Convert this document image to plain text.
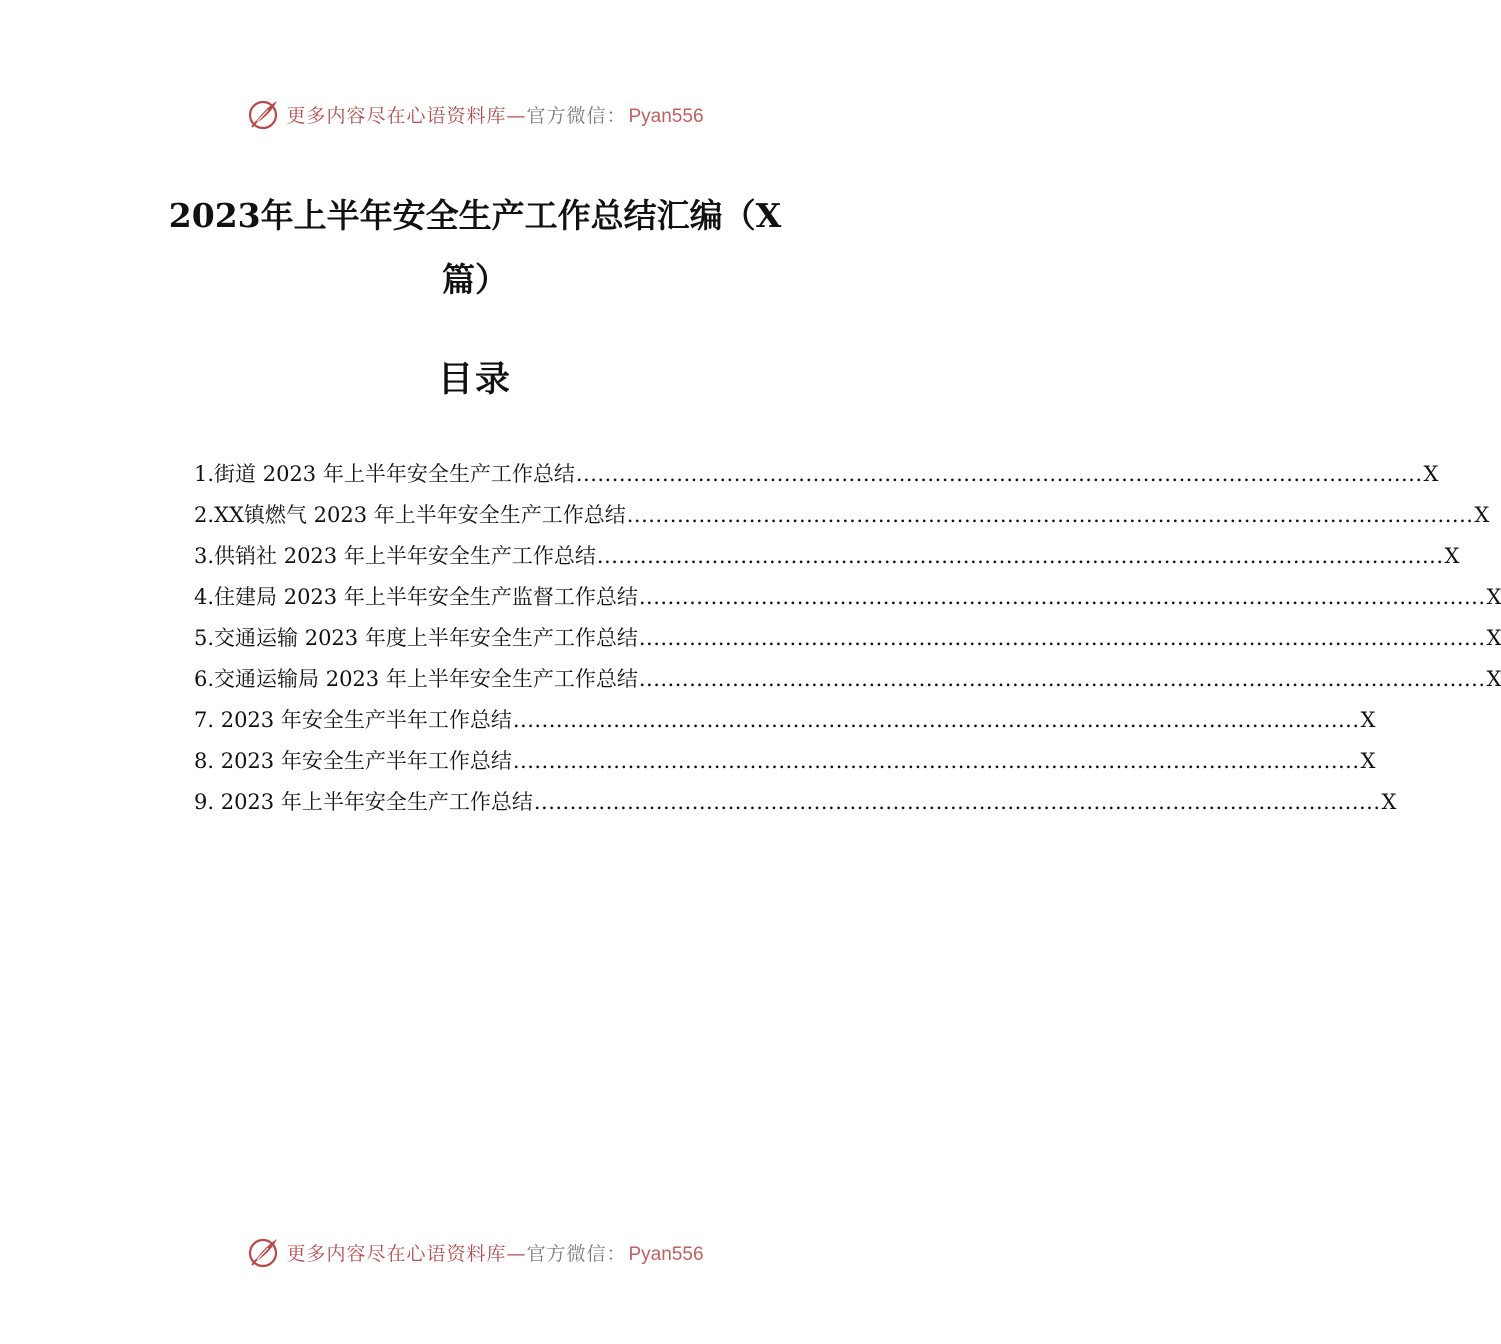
更多内容尽在心语资料库—官方微信： Pyan556
2023年上半年安全生产工作总结汇编（X篇）
目录
1.街道 2023 年上半年安全生产工作总结 ...................................................................................................................... X
2.XX镇燃气 2023 年上半年安全生产工作总结 ...................................................................................................................... X
3.供销社 2023 年上半年安全生产工作总结 ...................................................................................................................... X
4.住建局 2023 年上半年安全生产监督工作总结 ...................................................................................................................... X
5.交通运输 2023 年度上半年安全生产工作总结 ...................................................................................................................... X
6.交通运输局 2023 年上半年安全生产工作总结 ...................................................................................................................... X
7. 2023 年安全生产半年工作总结 ...................................................................................................................... X
8. 2023 年安全生产半年工作总结 ...................................................................................................................... X
9. 2023 年上半年安全生产工作总结 ...................................................................................................................... X
更多内容尽在心语资料库—官方微信： Pyan556
